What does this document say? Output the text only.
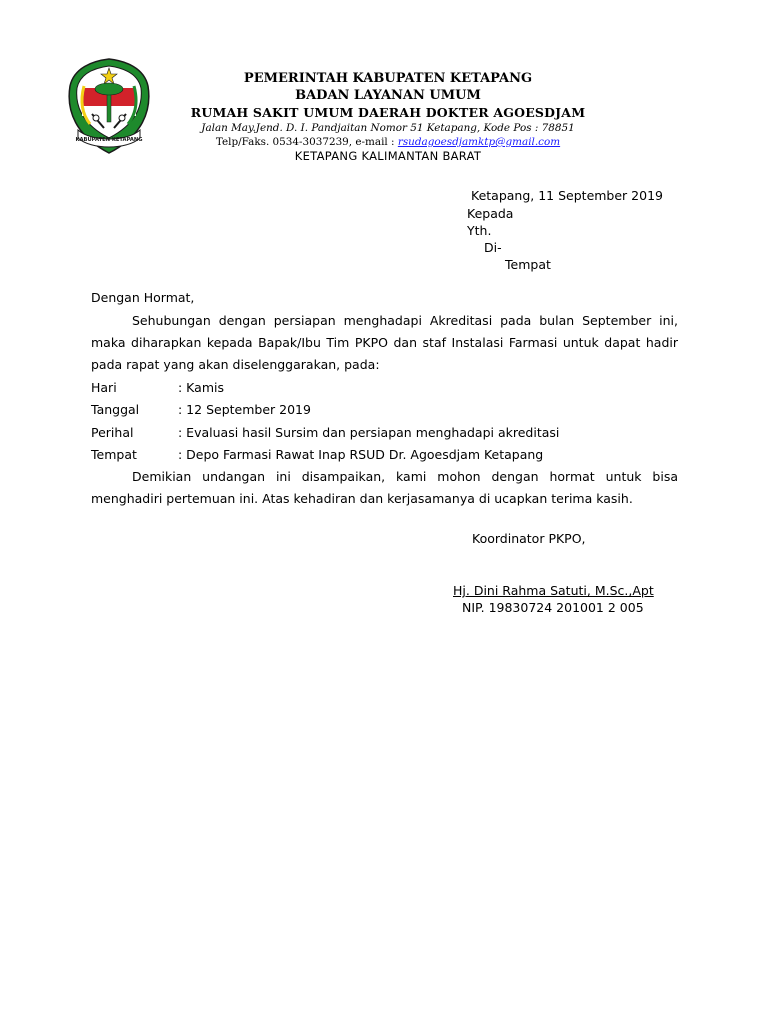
KABUPATEN KETAPANG
PEMERINTAH KABUPATEN KETAPANG
BADAN LAYANAN UMUM
RUMAH SAKIT UMUM DAERAH DOKTER AGOESDJAM
Jalan May.Jend. D. I. Pandjaitan Nomor 51 Ketapang, Kode Pos : 78851
Telp/Faks. 0534-3037239, e-mail : rsudagoesdjamktp@gmail.com
KETAPANG KALIMANTAN BARAT
Ketapang, 11 September 2019
Kepada
Yth.
Di-
Tempat
Dengan Hormat,
Sehubungan dengan persiapan menghadapi Akreditasi pada bulan September ini, maka diharapkan kepada Bapak/Ibu Tim PKPO dan staf Instalasi Farmasi untuk dapat hadir pada rapat yang akan diselenggarakan, pada:
Hari	: Kamis
Tanggal	: 12 September 2019
Perihal	: Evaluasi hasil Sursim dan persiapan menghadapi akreditasi
Tempat	: Depo Farmasi Rawat Inap RSUD Dr. Agoesdjam Ketapang
Demikian undangan ini disampaikan, kami mohon dengan hormat untuk bisa menghadiri pertemuan ini. Atas kehadiran dan kerjasamanya di ucapkan terima kasih.
Koordinator PKPO,
Hj. Dini Rahma Satuti, M.Sc.,Apt
NIP. 19830724 201001 2 005
